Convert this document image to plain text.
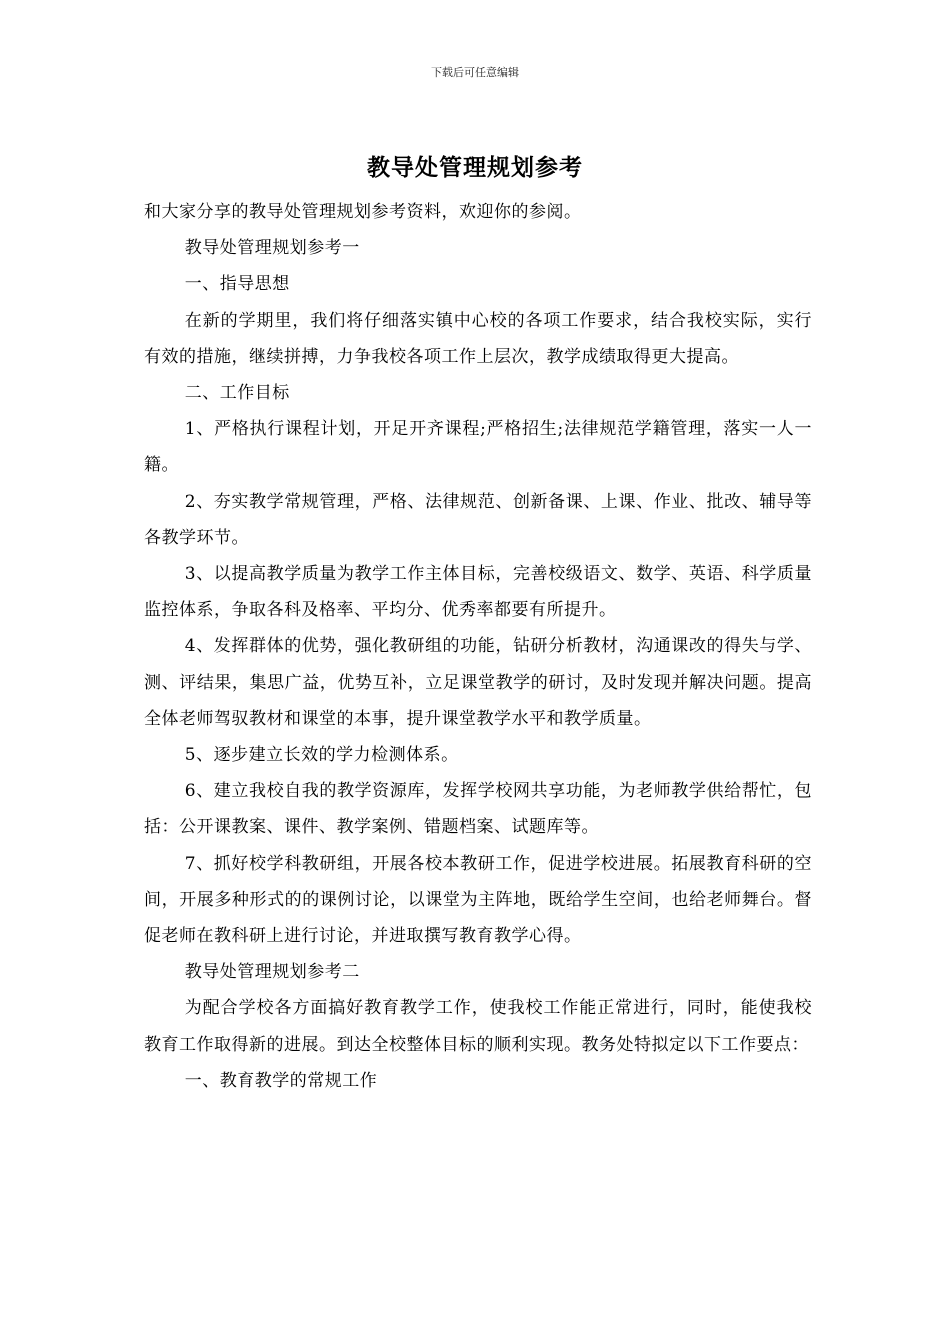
下载后可任意编辑
教导处管理规划参考

和大家分享的教导处管理规划参考资料，欢迎你的参阅。

教导处管理规划参考一

一、指导思想

在新的学期里，我们将仔细落实镇中心校的各项工作要求，结合我校实际，实行有效的措施，继续拼搏，力争我校各项工作上层次，教学成绩取得更大提高。

二、工作目标

1、严格执行课程计划，开足开齐课程;严格招生;法律规范学籍管理，落实一人一籍。

2、夯实教学常规管理，严格、法律规范、创新备课、上课、作业、批改、辅导等各教学环节。

3、以提高教学质量为教学工作主体目标，完善校级语文、数学、英语、科学质量监控体系，争取各科及格率、平均分、优秀率都要有所提升。

4、发挥群体的优势，强化教研组的功能，钻研分析教材，沟通课改的得失与学、测、评结果，集思广益，优势互补，立足课堂教学的研讨，及时发现并解决问题。提高全体老师驾驭教材和课堂的本事，提升课堂教学水平和教学质量。

5、逐步建立长效的学力检测体系。

6、建立我校自我的教学资源库，发挥学校网共享功能，为老师教学供给帮忙，包括：公开课教案、课件、教学案例、错题档案、试题库等。

7、抓好校学科教研组，开展各校本教研工作，促进学校进展。拓展教育科研的空间，开展多种形式的的课例讨论，以课堂为主阵地，既给学生空间，也给老师舞台。督促老师在教科研上进行讨论，并进取撰写教育教学心得。

教导处管理规划参考二

为配合学校各方面搞好教育教学工作，使我校工作能正常进行，同时，能使我校教育工作取得新的进展。到达全校整体目标的顺利实现。教务处特拟定以下工作要点：

一、教育教学的常规工作
